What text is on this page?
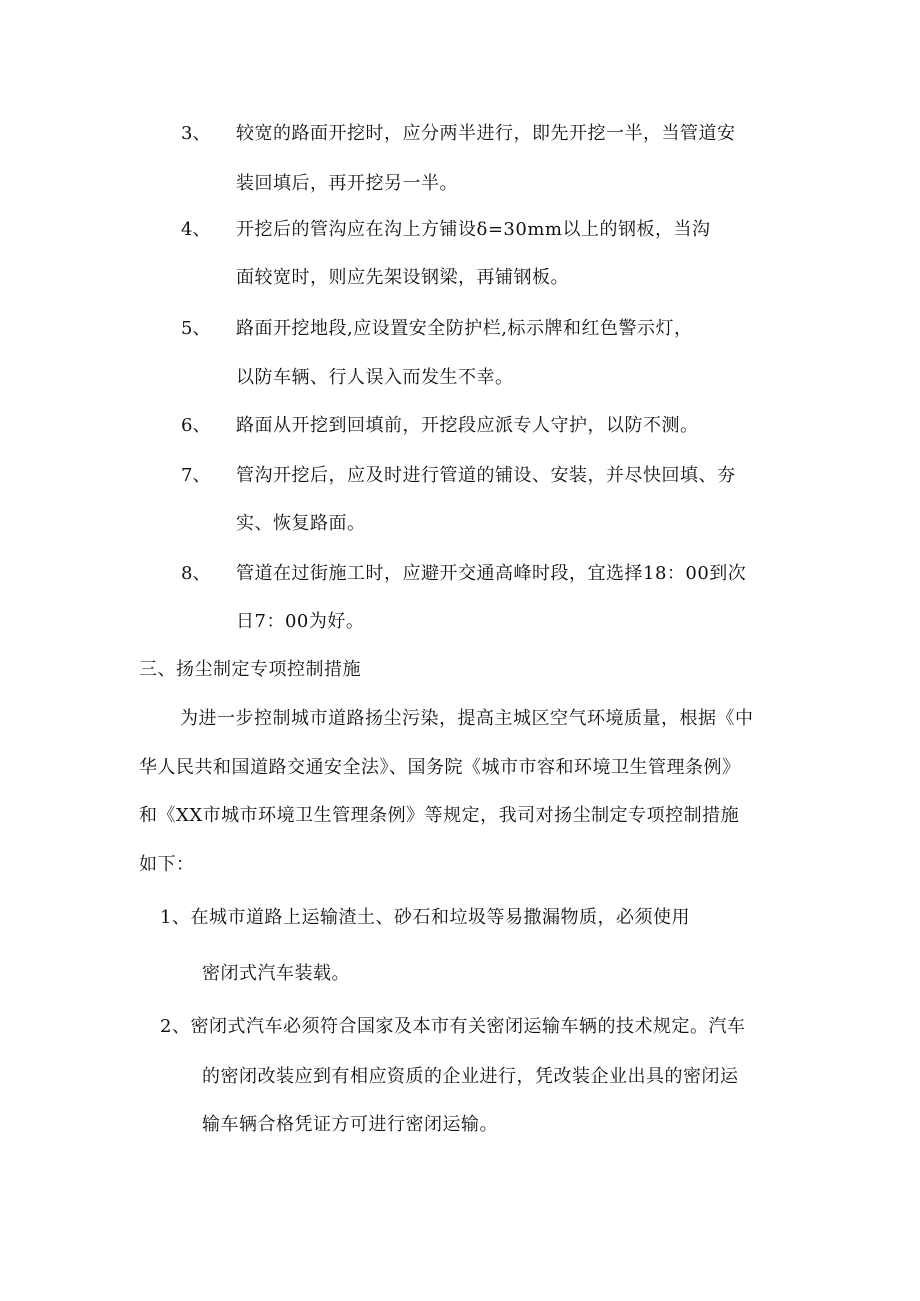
3、 较宽的路面开挖时，应分两半进行，即先开挖一半，当管道安
装回填后，再开挖另一半。
4、 开挖后的管沟应在沟上方铺设δ=30mm以上的钢板，当沟
面较宽时，则应先架设钢梁，再铺钢板。
5、 路面开挖地段,应设置安全防护栏,标示牌和红色警示灯，
以防车辆、行人误入而发生不幸。
6、 路面从开挖到回填前，开挖段应派专人守护，以防不测。
7、 管沟开挖后，应及时进行管道的铺设、安装，并尽快回填、夯
实、恢复路面。
8、 管道在过街施工时，应避开交通高峰时段，宜选择18：00到次
日7：00为好。
三、扬尘制定专项控制措施
为进一步控制城市道路扬尘污染，提高主城区空气环境质量，根据《中
华人民共和国道路交通安全法》、国务院《城市市容和环境卫生管理条例》
和《XX市城市环境卫生管理条例》等规定，我司对扬尘制定专项控制措施
如下：
1、在城市道路上运输渣土、砂石和垃圾等易撒漏物质，必须使用
密闭式汽车装载。
2、密闭式汽车必须符合国家及本市有关密闭运输车辆的技术规定。汽车
的密闭改装应到有相应资质的企业进行，凭改装企业出具的密闭运
输车辆合格凭证方可进行密闭运输。
